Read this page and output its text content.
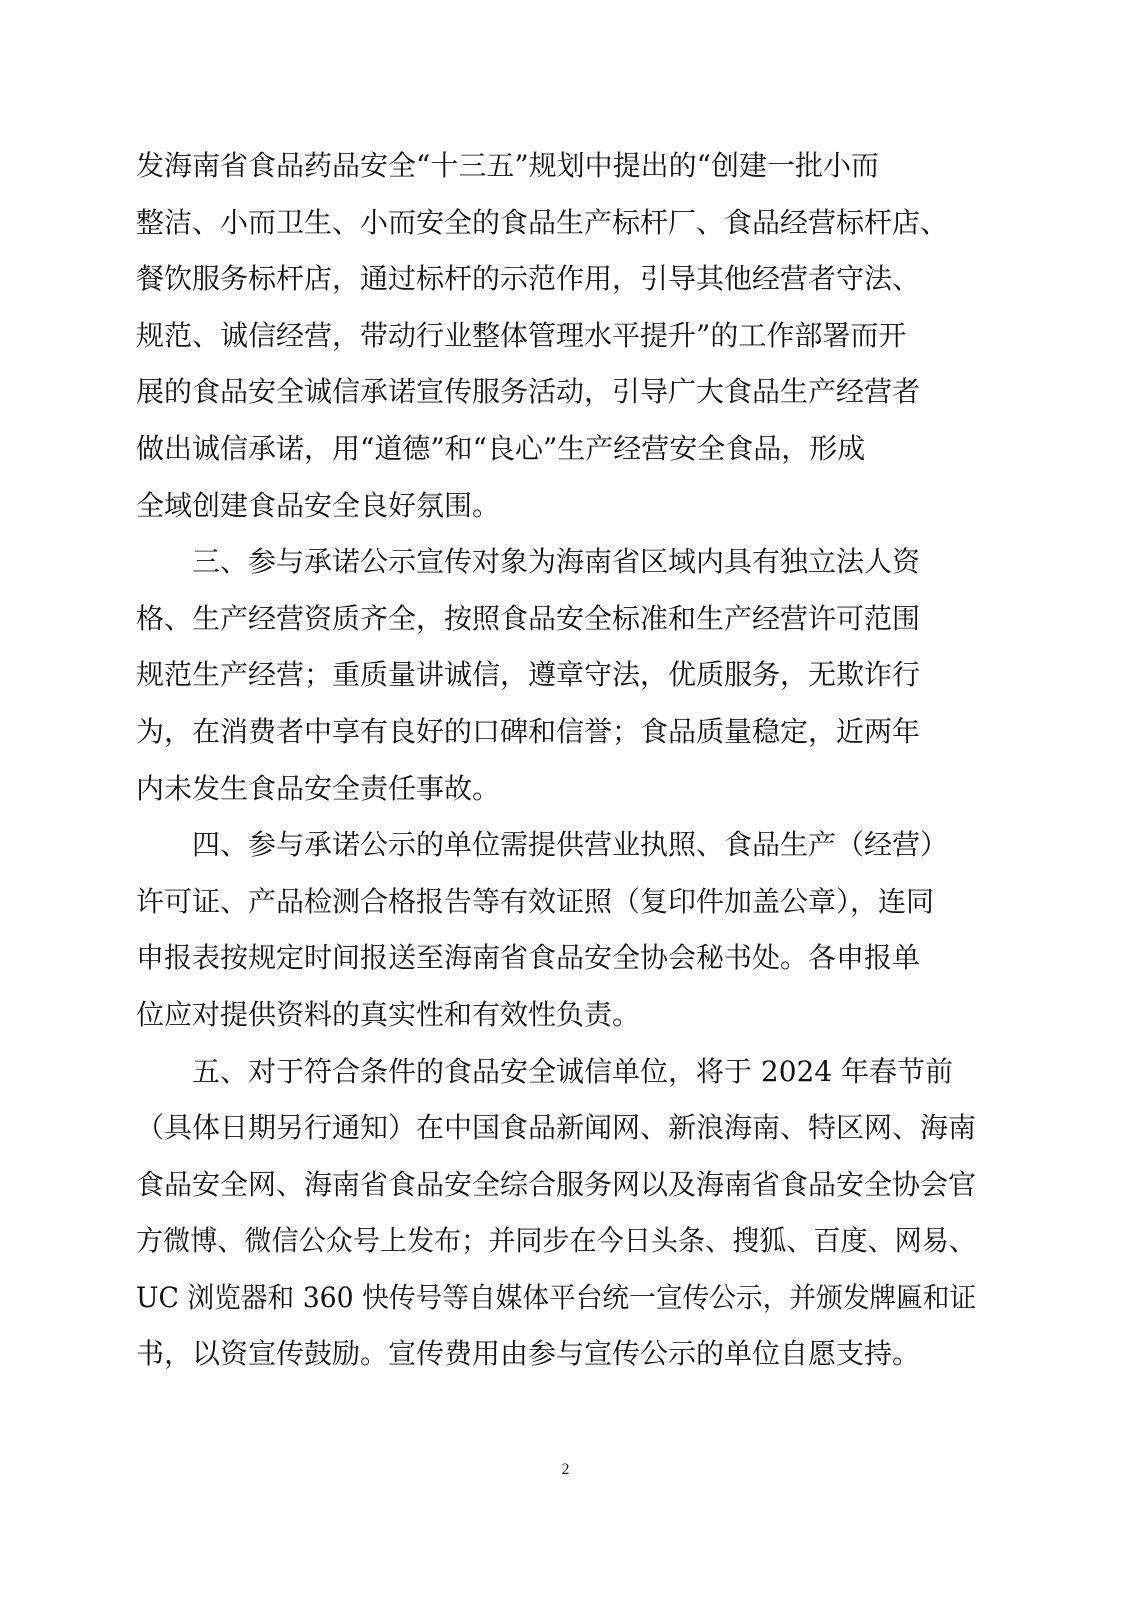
发海南省食品药品安全“十三五”规划中提出的“创建一批小而
整洁、小而卫生、小而安全的食品生产标杆厂、食品经营标杆店、
餐饮服务标杆店，通过标杆的示范作用，引导其他经营者守法、
规范、诚信经营，带动行业整体管理水平提升”的工作部署而开
展的食品安全诚信承诺宣传服务活动，引导广大食品生产经营者
做出诚信承诺，用“道德”和“良心”生产经营安全食品，形成
全域创建食品安全良好氛围。
　　三、参与承诺公示宣传对象为海南省区域内具有独立法人资
格、生产经营资质齐全，按照食品安全标准和生产经营许可范围
规范生产经营；重质量讲诚信，遵章守法，优质服务，无欺诈行
为，在消费者中享有良好的口碑和信誉；食品质量稳定，近两年
内未发生食品安全责任事故。
　　四、参与承诺公示的单位需提供营业执照、食品生产（经营）
许可证、产品检测合格报告等有效证照（复印件加盖公章），连同
申报表按规定时间报送至海南省食品安全协会秘书处。各申报单
位应对提供资料的真实性和有效性负责。
　　五、对于符合条件的食品安全诚信单位，将于 2024 年春节前
（具体日期另行通知）在中国食品新闻网、新浪海南、特区网、海南
食品安全网、海南省食品安全综合服务网以及海南省食品安全协会官
方微博、微信公众号上发布；并同步在今日头条、搜狐、百度、网易、
UC 浏览器和 360 快传号等自媒体平台统一宣传公示，并颁发牌匾和证
书，以资宣传鼓励。宣传费用由参与宣传公示的单位自愿支持。
2
